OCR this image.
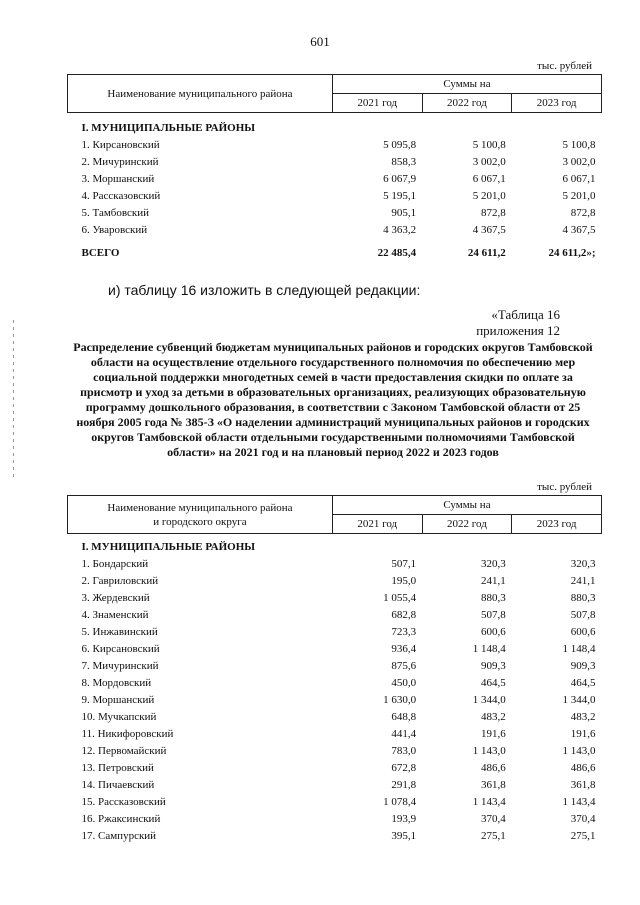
601
тыс. рублей
Наименование муниципального района	Суммы на		
	2021 год	2022 год	2023 год
I. МУНИЦИПАЛЬНЫЕ РАЙОНЫ			
1. Кирсановский	5 095,8	5 100,8	5 100,8
2. Мичуринский	858,3	3 002,0	3 002,0
3. Моршанский	6 067,9	6 067,1	6 067,1
4. Рассказовский	5 195,1	5 201,0	5 201,0
5. Тамбовский	905,1	872,8	872,8
6. Уваровский	4 363,2	4 367,5	4 367,5
ВСЕГО	22 485,4	24 611,2	24 611,2»;
и) таблицу 16 изложить в следующей редакции:
«Таблица 16
приложения 12
Распределение субвенций бюджетам муниципальных районов и городских округов Тамбовской области на осуществление отдельного государственного полномочия по обеспечению мер социальной поддержки многодетных семей в части предоставления скидки по оплате за присмотр и уход за детьми в образовательных организациях, реализующих образовательную программу дошкольного образования, в соответствии с Законом Тамбовской области от 25 ноября 2005 года № 385-З «О наделении администраций муниципальных районов и городских округов Тамбовской области отдельными государственными полномочиями Тамбовской области» на 2021 год и на плановый период 2022 и 2023 годов
тыс. рублей
Наименование муниципального района
и городского округа	Суммы на		
	2021 год	2022 год	2023 год
I. МУНИЦИПАЛЬНЫЕ РАЙОНЫ			
1. Бондарский	507,1	320,3	320,3
2. Гавриловский	195,0	241,1	241,1
3. Жердевский	1 055,4	880,3	880,3
4. Знаменский	682,8	507,8	507,8
5. Инжавинский	723,3	600,6	600,6
6. Кирсановский	936,4	1 148,4	1 148,4
7. Мичуринский	875,6	909,3	909,3
8. Мордовский	450,0	464,5	464,5
9. Моршанский	1 630,0	1 344,0	1 344,0
10. Мучкапский	648,8	483,2	483,2
11. Никифоровский	441,4	191,6	191,6
12. Первомайский	783,0	1 143,0	1 143,0
13. Петровский	672,8	486,6	486,6
14. Пичаевский	291,8	361,8	361,8
15. Рассказовский	1 078,4	1 143,4	1 143,4
16. Ржаксинский	193,9	370,4	370,4
17. Сампурский	395,1	275,1	275,1
